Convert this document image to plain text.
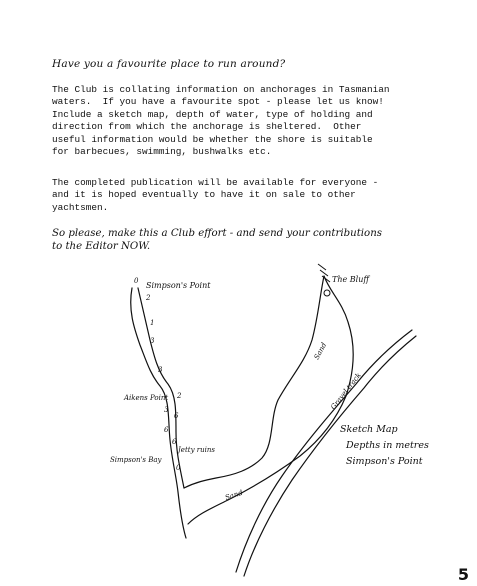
Have you a favourite place to run around?

The Club is collating information on anchorages in Tasmanian
waters.  If you have a favourite spot - please let us know!
Include a sketch map, depth of water, type of holding and
direction from which the anchorage is sheltered.  Other
useful information would be whether the shore is suitable
for barbecues, swimming, bushwalks etc.

The completed publication will be available for everyone -
and it is hoped eventually to have it on sale to other
yachtsmen.

So please, make this a Club effort - and send your contributions
to the Editor NOW.

Simpson's Point
The Bluff
Aikens Point
Jetty ruins
Simpson's Bay
Sand
Sand
Gravel track
0
2
1
3
3
2
3
6
6
6
0
Sketch Map
Depths in metres
Simpson's Point
5
